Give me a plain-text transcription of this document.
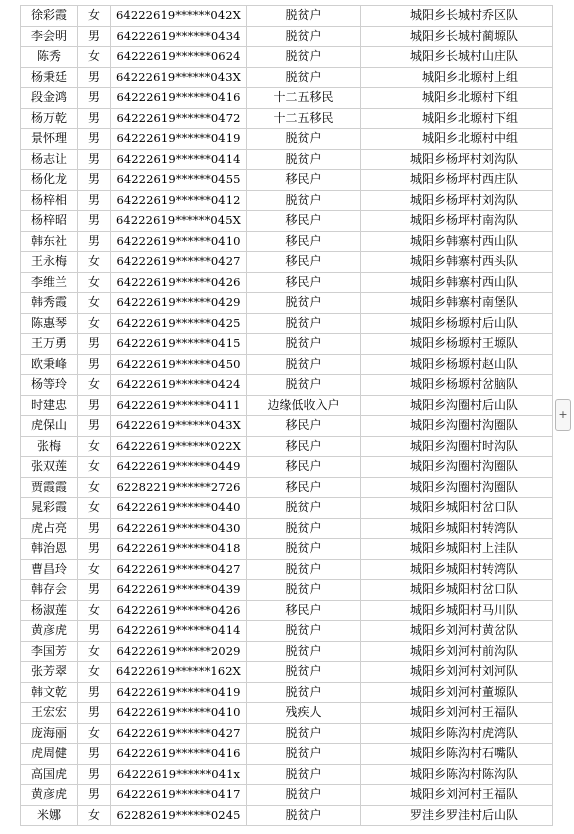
徐彩霞	女	64222619******042X	脱贫户	城阳乡长城村乔区队
李会明	男	64222619******0434	脱贫户	城阳乡长城村蔺塬队
陈秀	女	64222619******0624	脱贫户	城阳乡长城村山庄队
杨秉廷	男	64222619******043X	脱贫户	城阳乡北塬村上组
段金鸿	男	64222619******0416	十二五移民	城阳乡北塬村下组
杨万乾	男	64222619******0472	十二五移民	城阳乡北塬村下组
景怀理	男	64222619******0419	脱贫户	城阳乡北塬村中组
杨志让	男	64222619******0414	脱贫户	城阳乡杨坪村刘沟队
杨化龙	男	64222619******0455	移民户	城阳乡杨坪村西庄队
杨梓相	男	64222619******0412	脱贫户	城阳乡杨坪村刘沟队
杨梓昭	男	64222619******045X	移民户	城阳乡杨坪村南沟队
韩东社	男	64222619******0410	移民户	城阳乡韩寨村西山队
王永梅	女	64222619******0427	移民户	城阳乡韩寨村西头队
李维兰	女	64222619******0426	移民户	城阳乡韩寨村西山队
韩秀霞	女	64222619******0429	脱贫户	城阳乡韩寨村南堡队
陈惠琴	女	64222619******0425	脱贫户	城阳乡杨塬村后山队
王万勇	男	64222619******0415	脱贫户	城阳乡杨塬村王塬队
欧秉峰	男	64222619******0450	脱贫户	城阳乡杨塬村赵山队
杨等玲	女	64222619******0424	脱贫户	城阳乡杨塬村岔脑队
时建忠	男	64222619******0411	边缘低收入户	城阳乡沟圈村后山队
虎保山	男	64222619******043X	移民户	城阳乡沟圈村沟圈队
张梅	女	64222619******022X	移民户	城阳乡沟圈村时沟队
张双莲	女	64222619******0449	移民户	城阳乡沟圈村沟圈队
贾霞霞	女	62282219******2726	移民户	城阳乡沟圈村沟圈队
晁彩霞	女	64222619******0440	脱贫户	城阳乡城阳村岔口队
虎占亮	男	64222619******0430	脱贫户	城阳乡城阳村转湾队
韩治恩	男	64222619******0418	脱贫户	城阳乡城阳村上洼队
曹昌玲	女	64222619******0427	脱贫户	城阳乡城阳村转湾队
韩存会	男	64222619******0439	脱贫户	城阳乡城阳村岔口队
杨淑莲	女	64222619******0426	移民户	城阳乡城阳村马川队
黄彦虎	男	64222619******0414	脱贫户	城阳乡刘河村黄岔队
李国芳	女	64222619******2029	脱贫户	城阳乡刘河村前沟队
张芳翠	女	64222619******162X	脱贫户	城阳乡刘河村刘河队
韩文乾	男	64222619******0419	脱贫户	城阳乡刘河村董塬队
王宏宏	男	64222619******0410	残疾人	城阳乡刘河村王福队
庞海丽	女	64222619******0427	脱贫户	城阳乡陈沟村虎湾队
虎周健	男	64222619******0416	脱贫户	城阳乡陈沟村石嘴队
高国虎	男	64222619******041x	脱贫户	城阳乡陈沟村陈沟队
黄彦虎	男	64222619******0417	脱贫户	城阳乡刘河村王福队
米娜	女	62282619******0245	脱贫户	罗洼乡罗洼村后山队
+
